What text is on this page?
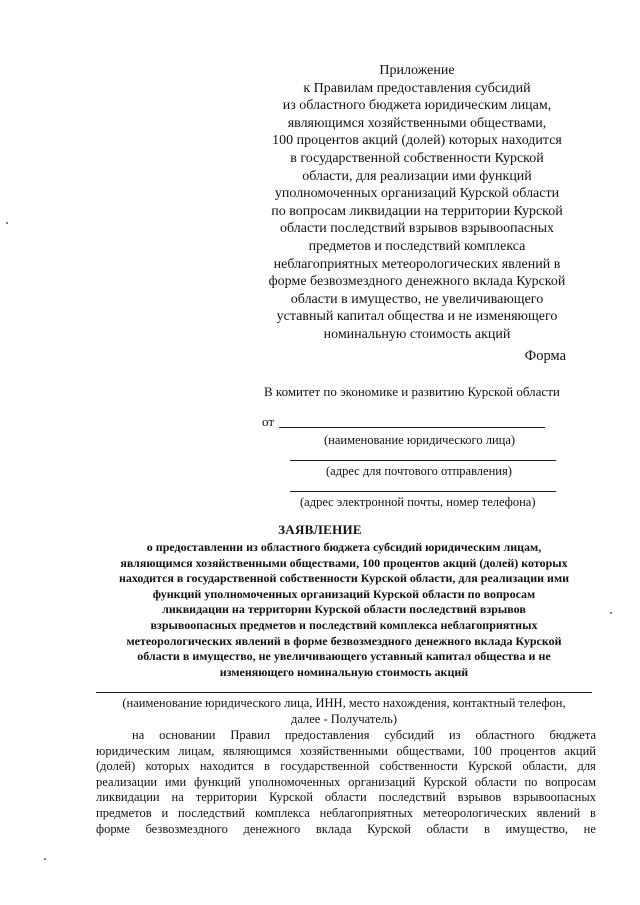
Приложение
к Правилам предоставления субсидий
из областного бюджета юридическим лицам,
являющимся хозяйственными обществами,
100 процентов акций (долей) которых находится
в государственной собственности Курской
области, для реализации ими функций
уполномоченных организаций Курской области
по вопросам ликвидации на территории Курской
области последствий взрывов взрывоопасных
предметов и последствий комплекса
неблагоприятных метеорологических явлений в
форме безвозмездного денежного вклада Курской
области в имущество, не увеличивающего
уставный капитал общества и не изменяющего
номинальную стоимость акций
Форма
В комитет по экономике и развитию Курской области
от
(наименование юридического лица)
(адрес для почтового отправления)
(адрес электронной почты, номер телефона)
ЗАЯВЛЕНИЕ
о предоставлении из областного бюджета субсидий юридическим лицам,
являющимся хозяйственными обществами, 100 процентов акций (долей) которых
находится в государственной собственности Курской области, для реализации ими
функций уполномоченных организаций Курской области по вопросам
ликвидации на территории Курской области последствий взрывов
взрывоопасных предметов и последствий комплекса неблагоприятных
метеорологических явлений в форме безвозмездного денежного вклада Курской
области в имущество, не увеличивающего уставный капитал общества и не
изменяющего номинальную стоимость акций
(наименование юридического лица, ИНН, место нахождения, контактный телефон,
далее - Получатель)
на основании Правил предоставления субсидий из областного бюджета
юридическим лицам, являющимся хозяйственными обществами, 100 процентов акций
(долей) которых находится в государственной собственности Курской области, для
реализации ими функций уполномоченных организаций Курской области по вопросам
ликвидации на территории Курской области последствий взрывов взрывоопасных
предметов и последствий комплекса неблагоприятных метеорологических явлений в
форме безвозмездного денежного вклада Курской области в имущество, не
